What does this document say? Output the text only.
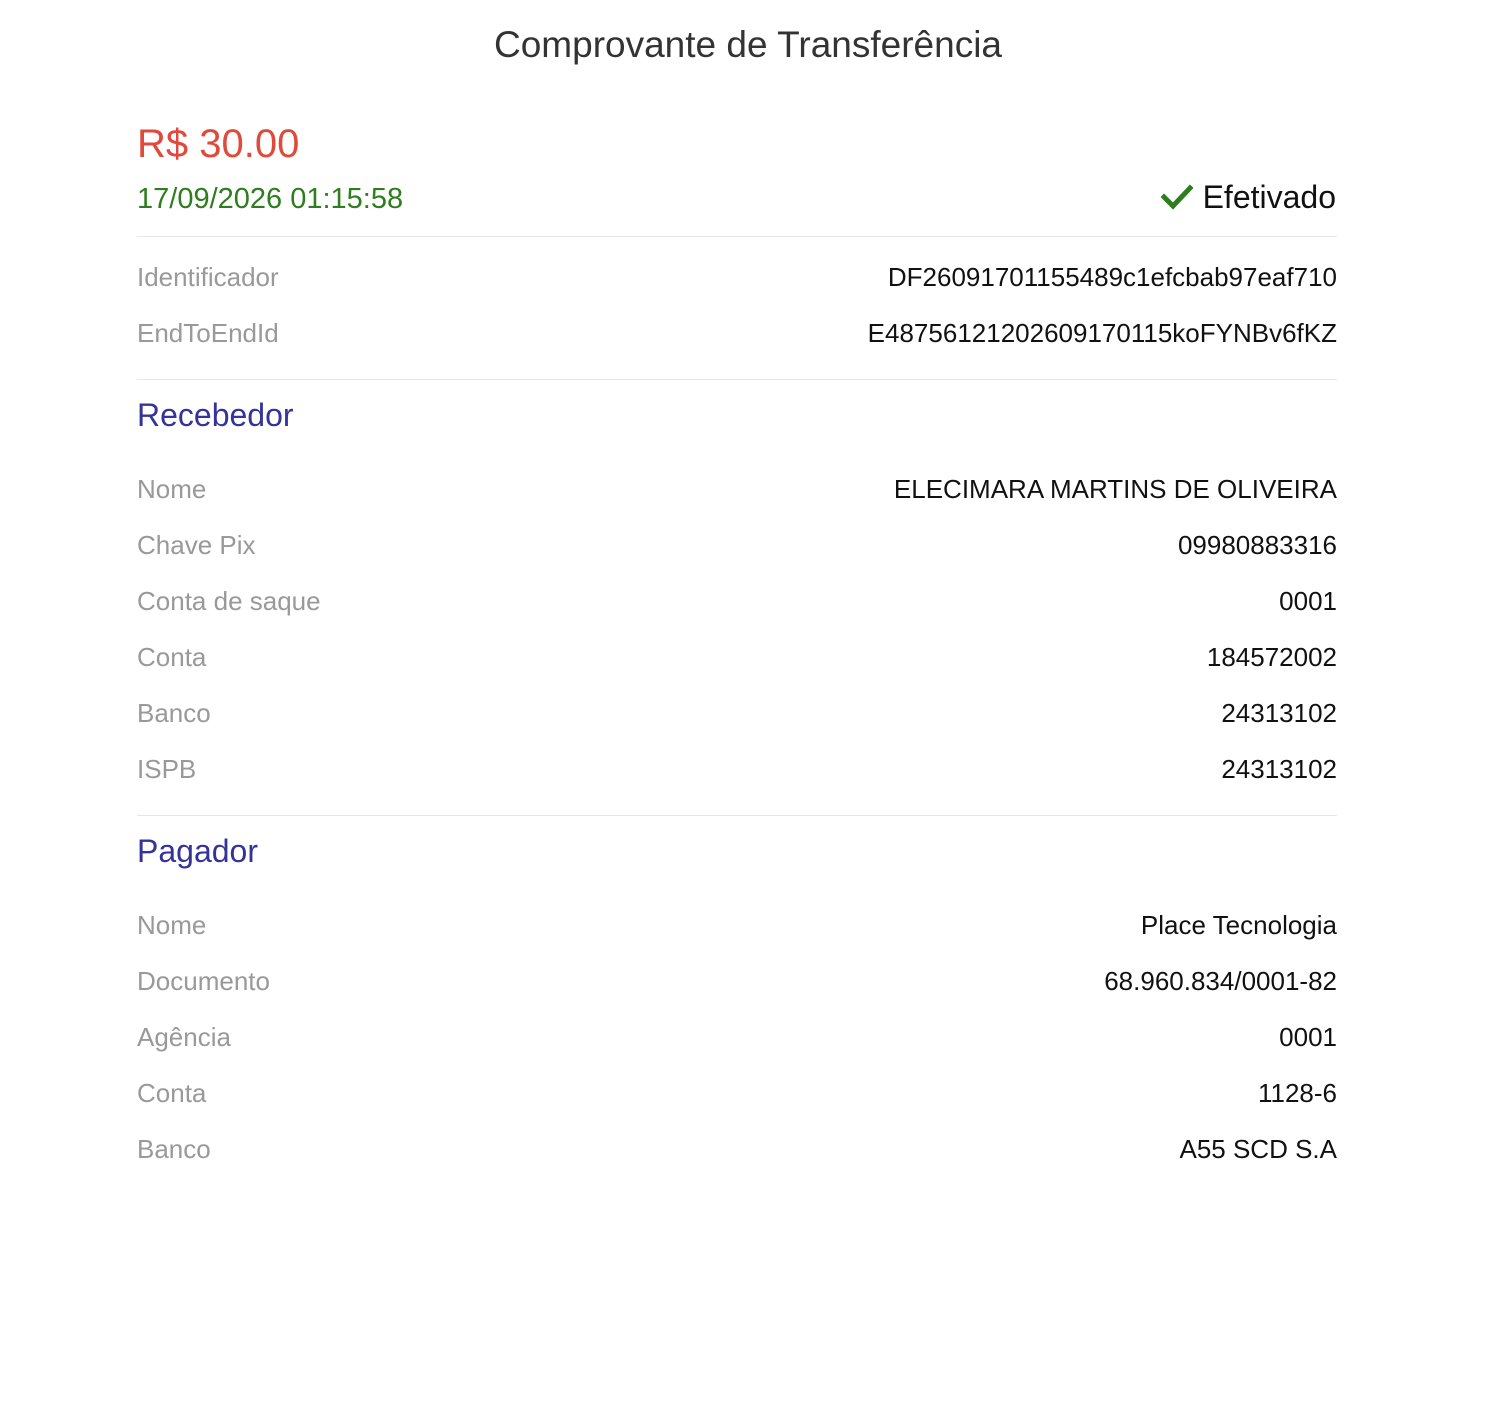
Comprovante de Transferência
R$ 30.00
17/09/2026 01:15:58	Efetivado
Identificador	DF26091701155489c1efcbab97eaf710
EndToEndId	E48756121202609170115koFYNBv6fKZ
Recebedor
Nome	ELECIMARA MARTINS DE OLIVEIRA
Chave Pix	09980883316
Conta de saque	0001
Conta	184572002
Banco	24313102
ISPB	24313102
Pagador
Nome	Place Tecnologia
Documento	68.960.834/0001-82
Agência	0001
Conta	1128-6
Banco	A55 SCD S.A
